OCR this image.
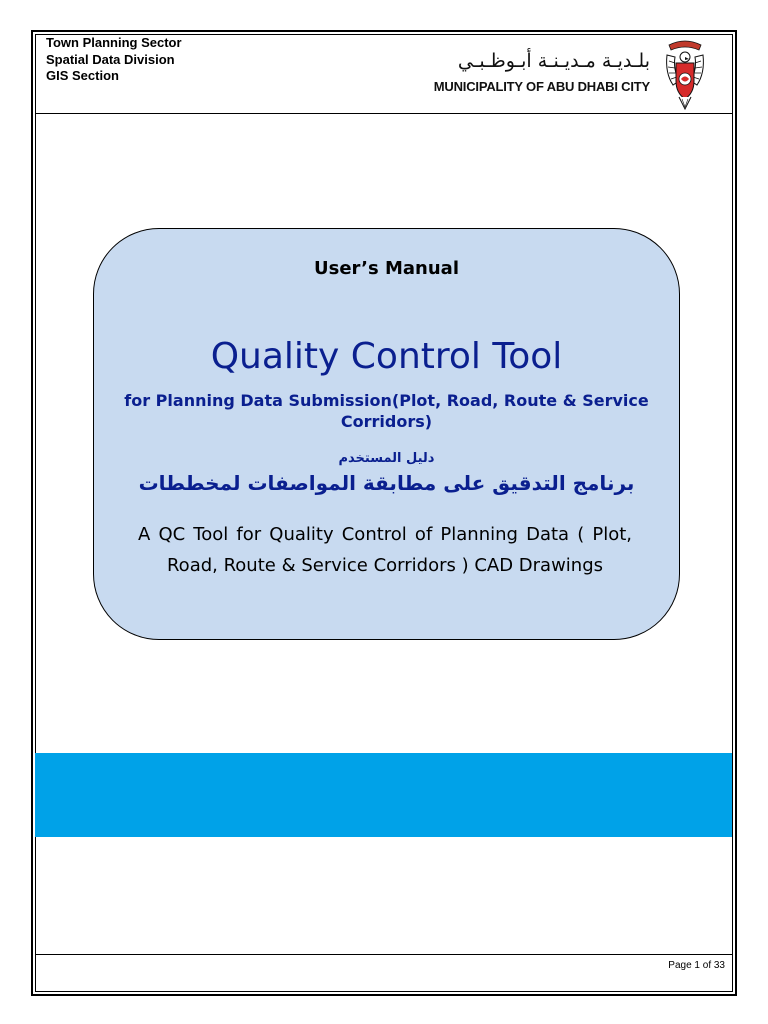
Town Planning Sector
Spatial Data Division
GIS Section
بلـديـة مـديـنـة أبـوظـبـي
MUNICIPALITY OF ABU DHABI CITY
User’s Manual
Quality Control Tool
for Planning Data Submission(Plot, Road, Route & Service Corridors)
دليل المستخدم
برنامج التدقيق على مطابقة المواصفات لمخططات
A QC Tool for Quality Control of Planning Data ( Plot, Road, Route & Service Corridors ) CAD Drawings
Page 1 of 33
